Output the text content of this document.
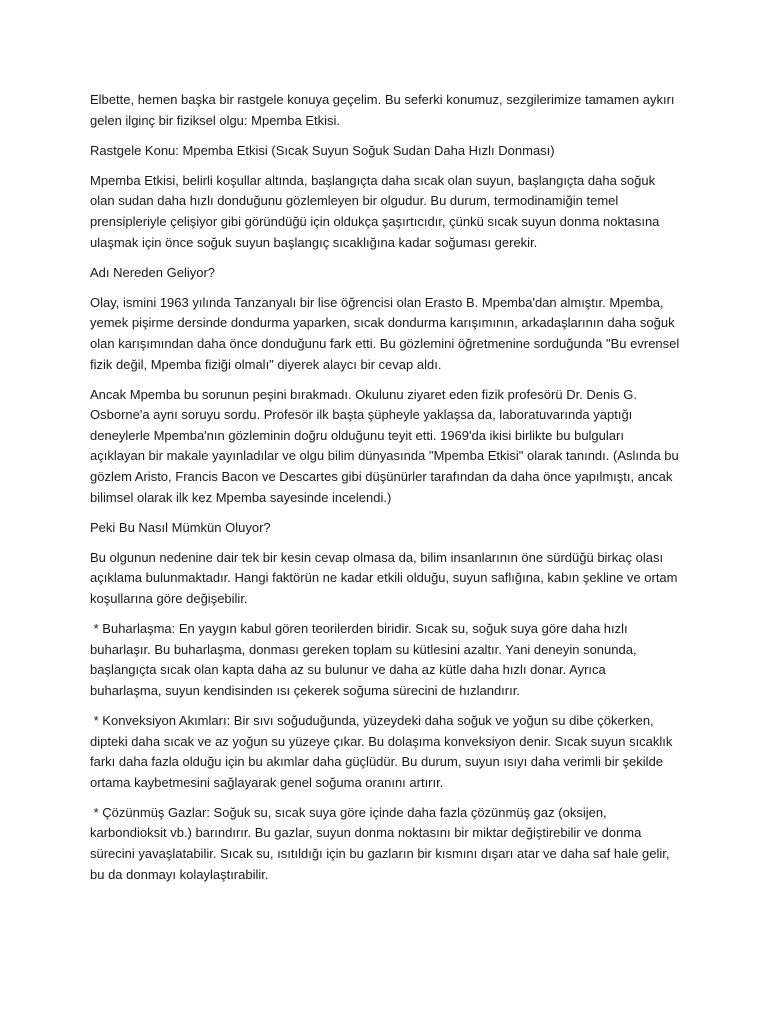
Elbette, hemen başka bir rastgele konuya geçelim. Bu seferki konumuz, sezgilerimize tamamen aykırı gelen ilginç bir fiziksel olgu: Mpemba Etkisi.

Rastgele Konu: Mpemba Etkisi (Sıcak Suyun Soğuk Sudan Daha Hızlı Donması)

Mpemba Etkisi, belirli koşullar altında, başlangıçta daha sıcak olan suyun, başlangıçta daha soğuk olan sudan daha hızlı donduğunu gözlemleyen bir olgudur. Bu durum, termodinamiğin temel prensipleriyle çelişiyor gibi göründüğü için oldukça şaşırtıcıdır, çünkü sıcak suyun donma noktasına ulaşmak için önce soğuk suyun başlangıç sıcaklığına kadar soğuması gerekir.

Adı Nereden Geliyor?

Olay, ismini 1963 yılında Tanzanyalı bir lise öğrencisi olan Erasto B. Mpemba'dan almıştır. Mpemba, yemek pişirme dersinde dondurma yaparken, sıcak dondurma karışımının, arkadaşlarının daha soğuk olan karışımından daha önce donduğunu fark etti. Bu gözlemini öğretmenine sorduğunda "Bu evrensel fizik değil, Mpemba fiziği olmalı" diyerek alaycı bir cevap aldı.

Ancak Mpemba bu sorunun peşini bırakmadı. Okulunu ziyaret eden fizik profesörü Dr. Denis G. Osborne'a aynı soruyu sordu. Profesör ilk başta şüpheyle yaklaşsa da, laboratuvarında yaptığı deneylerle Mpemba'nın gözleminin doğru olduğunu teyit etti. 1969'da ikisi birlikte bu bulguları açıklayan bir makale yayınladılar ve olgu bilim dünyasında "Mpemba Etkisi" olarak tanındı. (Aslında bu gözlem Aristo, Francis Bacon ve Descartes gibi düşünürler tarafından da daha önce yapılmıştı, ancak bilimsel olarak ilk kez Mpemba sayesinde incelendi.)

Peki Bu Nasıl Mümkün Oluyor?

Bu olgunun nedenine dair tek bir kesin cevap olmasa da, bilim insanlarının öne sürdüğü birkaç olası açıklama bulunmaktadır. Hangi faktörün ne kadar etkili olduğu, suyun saflığına, kabın şekline ve ortam koşullarına göre değişebilir.

* Buharlaşma: En yaygın kabul gören teorilerden biridir. Sıcak su, soğuk suya göre daha hızlı buharlaşır. Bu buharlaşma, donması gereken toplam su kütlesini azaltır. Yani deneyin sonunda, başlangıçta sıcak olan kapta daha az su bulunur ve daha az kütle daha hızlı donar. Ayrıca buharlaşma, suyun kendisinden ısı çekerek soğuma sürecini de hızlandırır.

* Konveksiyon Akımları: Bir sıvı soğuduğunda, yüzeydeki daha soğuk ve yoğun su dibe çökerken, dipteki daha sıcak ve az yoğun su yüzeye çıkar. Bu dolaşıma konveksiyon denir. Sıcak suyun sıcaklık farkı daha fazla olduğu için bu akımlar daha güçlüdür. Bu durum, suyun ısıyı daha verimli bir şekilde ortama kaybetmesini sağlayarak genel soğuma oranını artırır.

* Çözünmüş Gazlar: Soğuk su, sıcak suya göre içinde daha fazla çözünmüş gaz (oksijen, karbondioksit vb.) barındırır. Bu gazlar, suyun donma noktasını bir miktar değiştirebilir ve donma sürecini yavaşlatabilir. Sıcak su, ısıtıldığı için bu gazların bir kısmını dışarı atar ve daha saf hale gelir, bu da donmayı kolaylaştırabilir.
